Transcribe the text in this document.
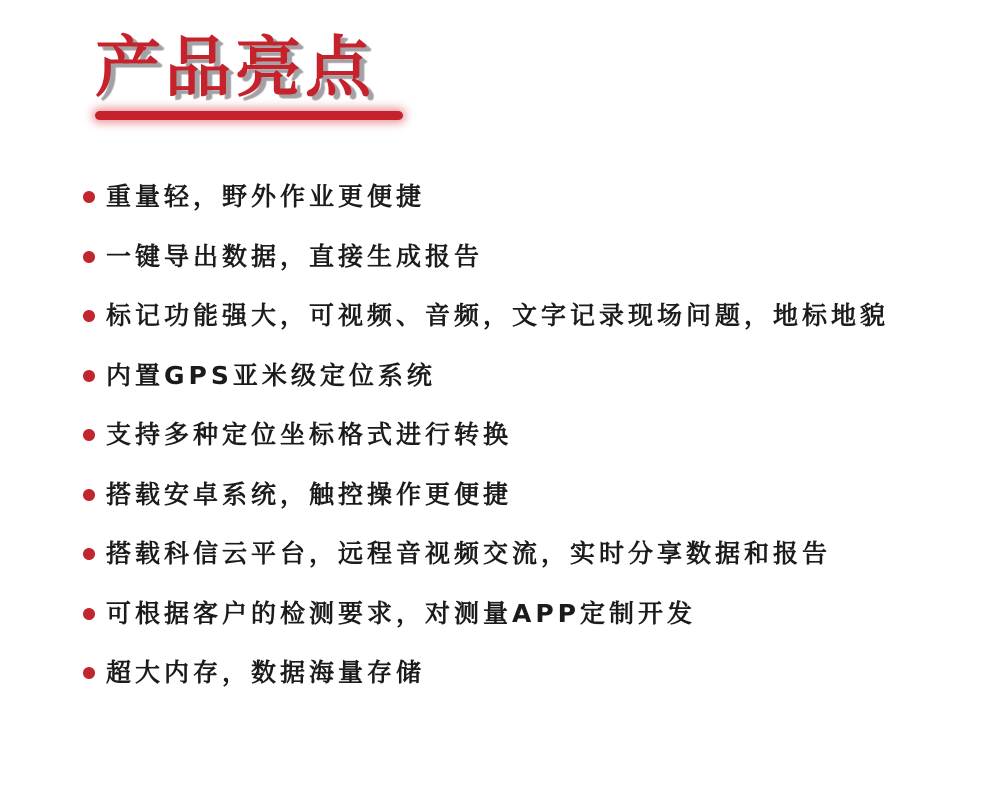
产品亮点
重量轻，野外作业更便捷
一键导出数据，直接生成报告
标记功能强大，可视频、音频，文字记录现场问题，地标地貌
内置GPS亚米级定位系统
支持多种定位坐标格式进行转换
搭载安卓系统，触控操作更便捷
搭载科信云平台，远程音视频交流，实时分享数据和报告
可根据客户的检测要求，对测量APP定制开发
超大内存，数据海量存储
